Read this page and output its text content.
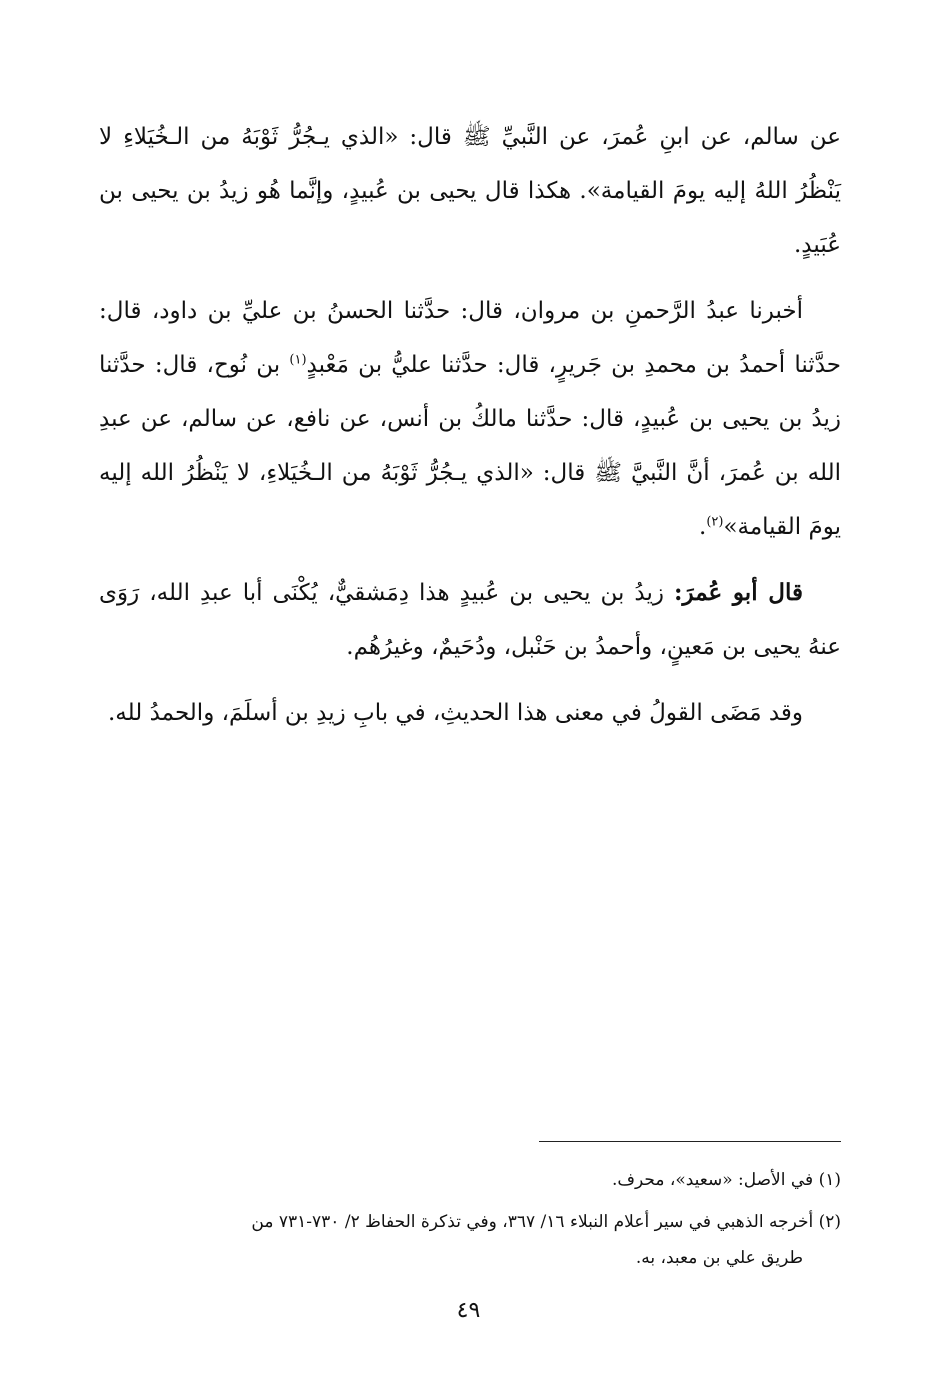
عن سالم، عن ابنِ عُمرَ، عن النَّبيِّ ﷺ قال: «الذي يـجُرُّ ثَوْبَهُ من الـخُيَلاءِ لا يَنْظُرُ اللهُ إليه يومَ القيامة». هكذا قال يحيى بن عُبيدٍ، وإنَّما هُو زيدُ بن يحيى بن عُبَيدٍ.

أخبرنا عبدُ الرَّحمنِ بن مروان، قال: حدَّثنا الحسنُ بن عليِّ بن داود، قال: حدَّثنا أحمدُ بن محمدِ بن جَريرٍ، قال: حدَّثنا عليُّ بن مَعْبدٍ$^{(١)}$ بن نُوح، قال: حدَّثنا زيدُ بن يحيى بن عُبيدٍ، قال: حدَّثنا مالكُ بن أنس، عن نافع، عن سالم، عن عبدِ الله بن عُمرَ، أنَّ النَّبيَّ ﷺ قال: «الذي يـجُرُّ ثَوْبَهُ من الـخُيَلاءِ، لا يَنْظُرُ الله إليه يومَ القيامة»$^{(٢)}$.

قال أبو عُمرَ: زيدُ بن يحيى بن عُبيدٍ هذا دِمَشقيٌّ، يُكْنَى أبا عبدِ الله، رَوَى عنهُ يحيى بن مَعينٍ، وأحمدُ بن حَنْبل، ودُحَيمٌ، وغيرُهُم.

وقد مَضَى القولُ في معنى هذا الحديثِ، في بابِ زيدِ بن أسلَمَ، والحمدُ لله.

(١) في الأصل: «سعيد»، محرف.
(٢) أخرجه الذهبي في سير أعلام النبلاء ١٦/ ٣٦٧، وفي تذكرة الحفاظ ٢/ ٧٣٠-٧٣١ من
طريق علي بن معبد، به.
٤٩
